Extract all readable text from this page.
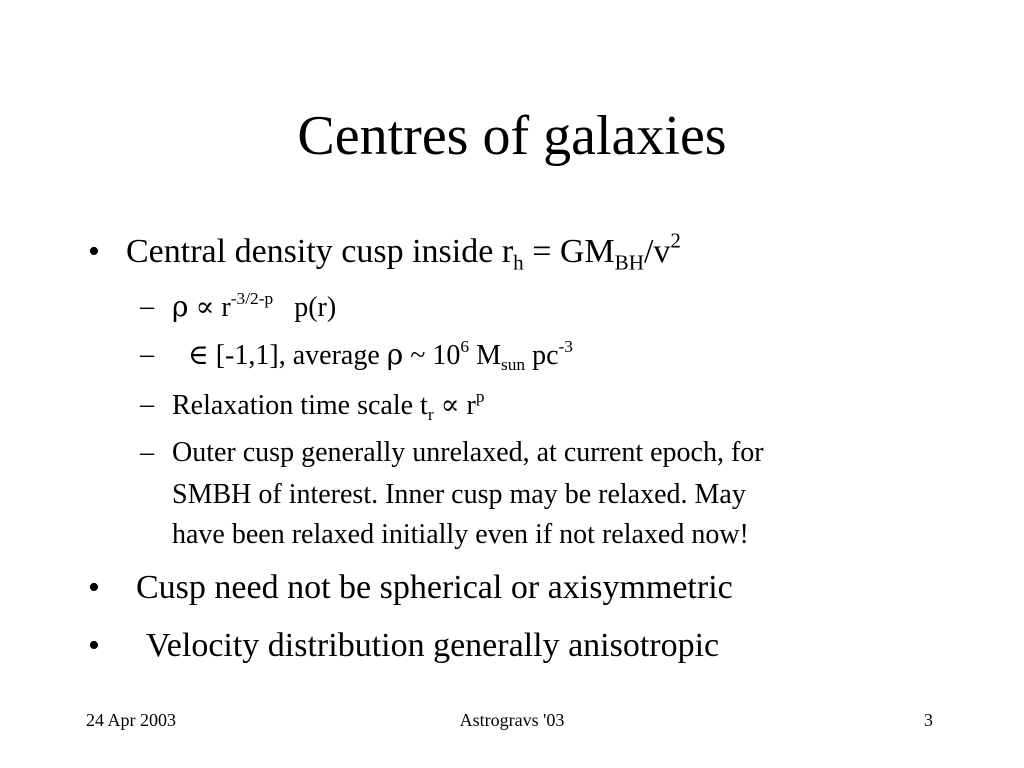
Centres of galaxies
• Central density cusp inside $r_h = GM_{BH}/v^2$
– $\rho \propto r^{-3/2-p}$   p(r)
– ∈ [-1,1], average ρ ~ $10^6$ $M_{sun}$ $pc^{-3}$
– Relaxation time scale $t_r \propto r^p$
– Outer cusp generally unrelaxed, at current epoch, for
SMBH of interest. Inner cusp may be relaxed. May
have been relaxed initially even if not relaxed now!
• Cusp need not be spherical or axisymmetric
• Velocity distribution generally anisotropic
24 Apr 2003	Astrogravs '03	3
